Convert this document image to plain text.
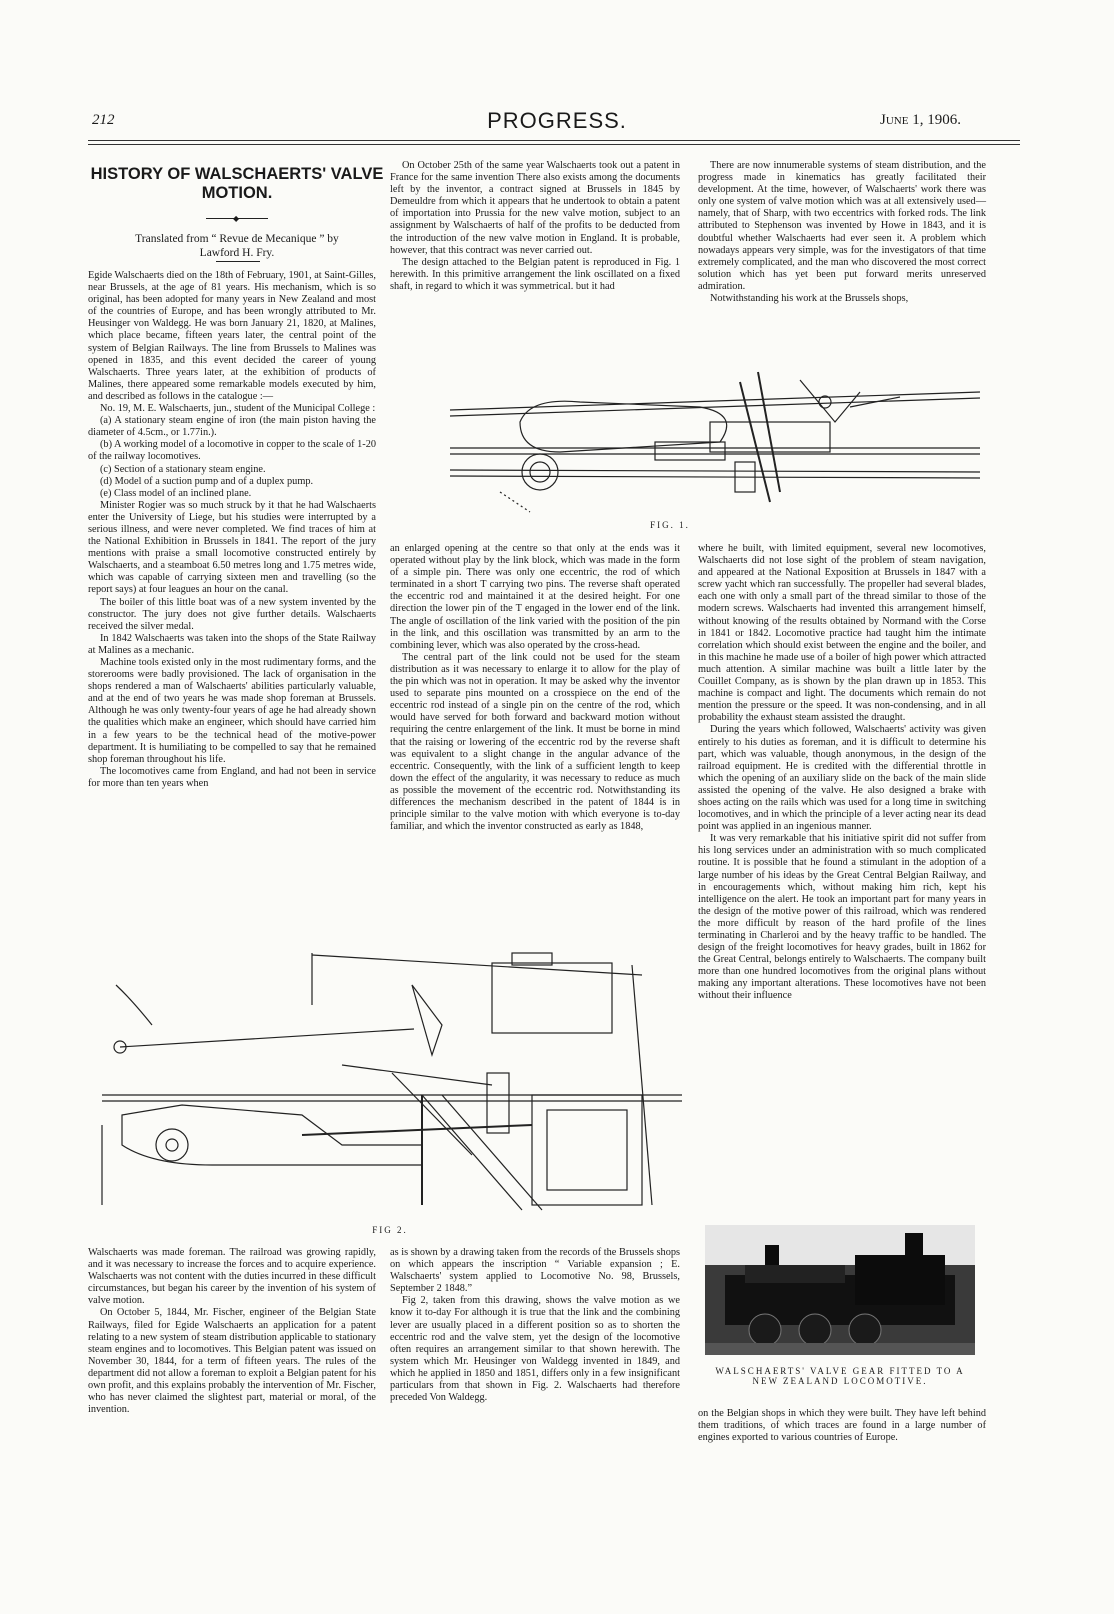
212	PROGRESS.	June 1, 1906.
HISTORY OF WALSCHAERTS' VALVE MOTION.
◆
Translated from “ Revue de Mecanique ” by
Lawford H. Fry.

Egide Walschaerts died on the 18th of February, 1901, at Saint-Gilles, near Brussels, at the age of 81 years. His mechanism, which is so original, has been adopted for many years in New Zealand and most of the countries of Europe, and has been wrongly attributed to Mr. Heusinger von Waldegg. He was born January 21, 1820, at Malines, which place became, fifteen years later, the central point of the system of Belgian Railways. The line from Brussels to Malines was opened in 1835, and this event decided the career of young Walschaerts. Three years later, at the exhibition of products of Malines, there appeared some remarkable models executed by him, and described as follows in the catalogue :—

No. 19, M. E. Walschaerts, jun., student of the Municipal College :

(a) A stationary steam engine of iron (the main piston having the diameter of 4.5cm., or 1.77in.).

(b) A working model of a locomotive in copper to the scale of 1-20 of the railway locomotives.

(c) Section of a stationary steam engine.

(d) Model of a suction pump and of a duplex pump.

(e) Class model of an inclined plane.

Minister Rogier was so much struck by it that he had Walschaerts enter the University of Liege, but his studies were interrupted by a serious illness, and were never completed. We find traces of him at the National Exhibition in Brussels in 1841. The report of the jury mentions with praise a small locomotive constructed entirely by Walschaerts, and a steamboat 6.50 metres long and 1.75 metres wide, which was capable of carrying sixteen men and travelling (so the report says) at four leagues an hour on the canal.

The boiler of this little boat was of a new system invented by the constructor. The jury does not give further details. Walschaerts received the silver medal.

In 1842 Walschaerts was taken into the shops of the State Railway at Malines as a mechanic.

Machine tools existed only in the most rudimentary forms, and the storerooms were badly provisioned. The lack of organisation in the shops rendered a man of Walschaerts' abilities particularly valuable, and at the end of two years he was made shop foreman at Brussels. Although he was only twenty-four years of age he had already shown the qualities which make an engineer, which should have carried him in a few years to be the technical head of the motive-power department. It is humiliating to be compelled to say that he remained shop foreman throughout his life.

The locomotives came from England, and had not been in service for more than ten years when

On October 25th of the same year Walschaerts took out a patent in France for the same invention There also exists among the documents left by the inventor, a contract signed at Brussels in 1845 by Demeuldre from which it appears that he undertook to obtain a patent of importation into Prussia for the new valve motion, subject to an assignment by Walschaerts of half of the profits to be deducted from the introduction of the new valve motion in England. It is probable, however, that this contract was never carried out.

The design attached to the Belgian patent is reproduced in Fig. 1 herewith. In this primitive arrangement the link oscillated on a fixed shaft, in regard to which it was symmetrical. but it had

There are now innumerable systems of steam distribution, and the progress made in kinematics has greatly facilitated their development. At the time, however, of Walschaerts' work there was only one system of valve motion which was at all extensively used—namely, that of Sharp, with two eccentrics with forked rods. The link attributed to Stephenson was invented by Howe in 1843, and it is doubtful whether Walschaerts had ever seen it. A problem which nowadays appears very simple, was for the investigators of that time extremely complicated, and the man who discovered the most correct solution which has yet been put forward merits unreserved admiration.

Notwithstanding his work at the Brussels shops,

FIG. 1.

an enlarged opening at the centre so that only at the ends was it operated without play by the link block, which was made in the form of a simple pin. There was only one eccentric, the rod of which terminated in a short T carrying two pins. The reverse shaft operated the eccentric rod and maintained it at the desired height. For one direction the lower pin of the T engaged in the lower end of the link. The angle of oscillation of the link varied with the position of the pin in the link, and this oscillation was transmitted by an arm to the combining lever, which was also operated by the cross-head.

The central part of the link could not be used for the steam distribution as it was necessary to enlarge it to allow for the play of the pin which was not in operation. It may be asked why the inventor used to separate pins mounted on a crosspiece on the end of the eccentric rod instead of a single pin on the centre of the rod, which would have served for both forward and backward motion without requiring the centre enlargement of the link. It must be borne in mind that the raising or lowering of the eccentric rod by the reverse shaft was equivalent to a slight change in the angular advance of the eccentric. Consequently, with the link of a sufficient length to keep down the effect of the angularity, it was necessary to reduce as much as possible the movement of the eccentric rod. Notwithstanding its differences the mechanism described in the patent of 1844 is in principle similar to the valve motion with which everyone is to-day familiar, and which the inventor constructed as early as 1848,

where he built, with limited equipment, several new locomotives, Walschaerts did not lose sight of the problem of steam navigation, and appeared at the National Exposition at Brussels in 1847 with a screw yacht which ran successfully. The propeller had several blades, each one with only a small part of the thread similar to those of the modern screws. Walschaerts had invented this arrangement himself, without knowing of the results obtained by Normand with the Corse in 1841 or 1842. Locomotive practice had taught him the intimate correlation which should exist between the engine and the boiler, and in this machine he made use of a boiler of high power which attracted much attention. A similar machine was built a little later by the Couillet Company, as is shown by the plan drawn up in 1853. This machine is compact and light. The documents which remain do not mention the pressure or the speed. It was non-condensing, and in all probability the exhaust steam assisted the draught.

During the years which followed, Walschaerts' activity was given entirely to his duties as foreman, and it is difficult to determine his part, which was valuable, though anonymous, in the design of the railroad equipment. He is credited with the differential throttle in which the opening of an auxiliary slide on the back of the main slide assisted the opening of the valve. He also designed a brake with shoes acting on the rails which was used for a long time in switching locomotives, and in which the principle of a lever acting near its dead point was applied in an ingenious manner.

It was very remarkable that his initiative spirit did not suffer from his long services under an administration with so much complicated routine. It is possible that he found a stimulant in the adoption of a large number of his ideas by the Great Central Belgian Railway, and in encouragements which, without making him rich, kept his intelligence on the alert. He took an important part for many years in the design of the motive power of this railroad, which was rendered the more difficult by reason of the hard profile of the lines terminating in Charleroi and by the heavy traffic to be handled. The design of the freight locomotives for heavy grades, built in 1862 for the Great Central, belongs entirely to Walschaerts. The company built more than one hundred locomotives from the original plans without making any important alterations. These locomotives have not been without their influence

FIG 2.

Walschaerts was made foreman. The railroad was growing rapidly, and it was necessary to increase the forces and to acquire experience. Walschaerts was not content with the duties incurred in these difficult circumstances, but began his career by the invention of his system of valve motion.

On October 5, 1844, Mr. Fischer, engineer of the Belgian State Railways, filed for Egide Walschaerts an application for a patent relating to a new system of steam distribution applicable to stationary steam engines and to locomotives. This Belgian patent was issued on November 30, 1844, for a term of fifteen years. The rules of the department did not allow a foreman to exploit a Belgian patent for his own profit, and this explains probably the intervention of Mr. Fischer, who has never claimed the slightest part, material or moral, of the invention.

as is shown by a drawing taken from the records of the Brussels shops on which appears the inscription “ Variable expansion ; E. Walschaerts' system applied to Locomotive No. 98, Brussels, September 2 1848.”

Fig 2, taken from this drawing, shows the valve motion as we know it to-day For although it is true that the link and the combining lever are usually placed in a different position so as to shorten the eccentric rod and the valve stem, yet the design of the locomotive often requires an arrangement similar to that shown herewith. The system which Mr. Heusinger von Waldegg invented in 1849, and which he applied in 1850 and 1851, differs only in a few insignificant particulars from that shown in Fig. 2. Walschaerts had therefore preceded Von Waldegg.

WALSCHAERTS' VALVE GEAR FITTED TO A
NEW ZEALAND LOCOMOTIVE.

on the Belgian shops in which they were built. They have left behind them traditions, of which traces are found in a large number of engines exported to various countries of Europe.
